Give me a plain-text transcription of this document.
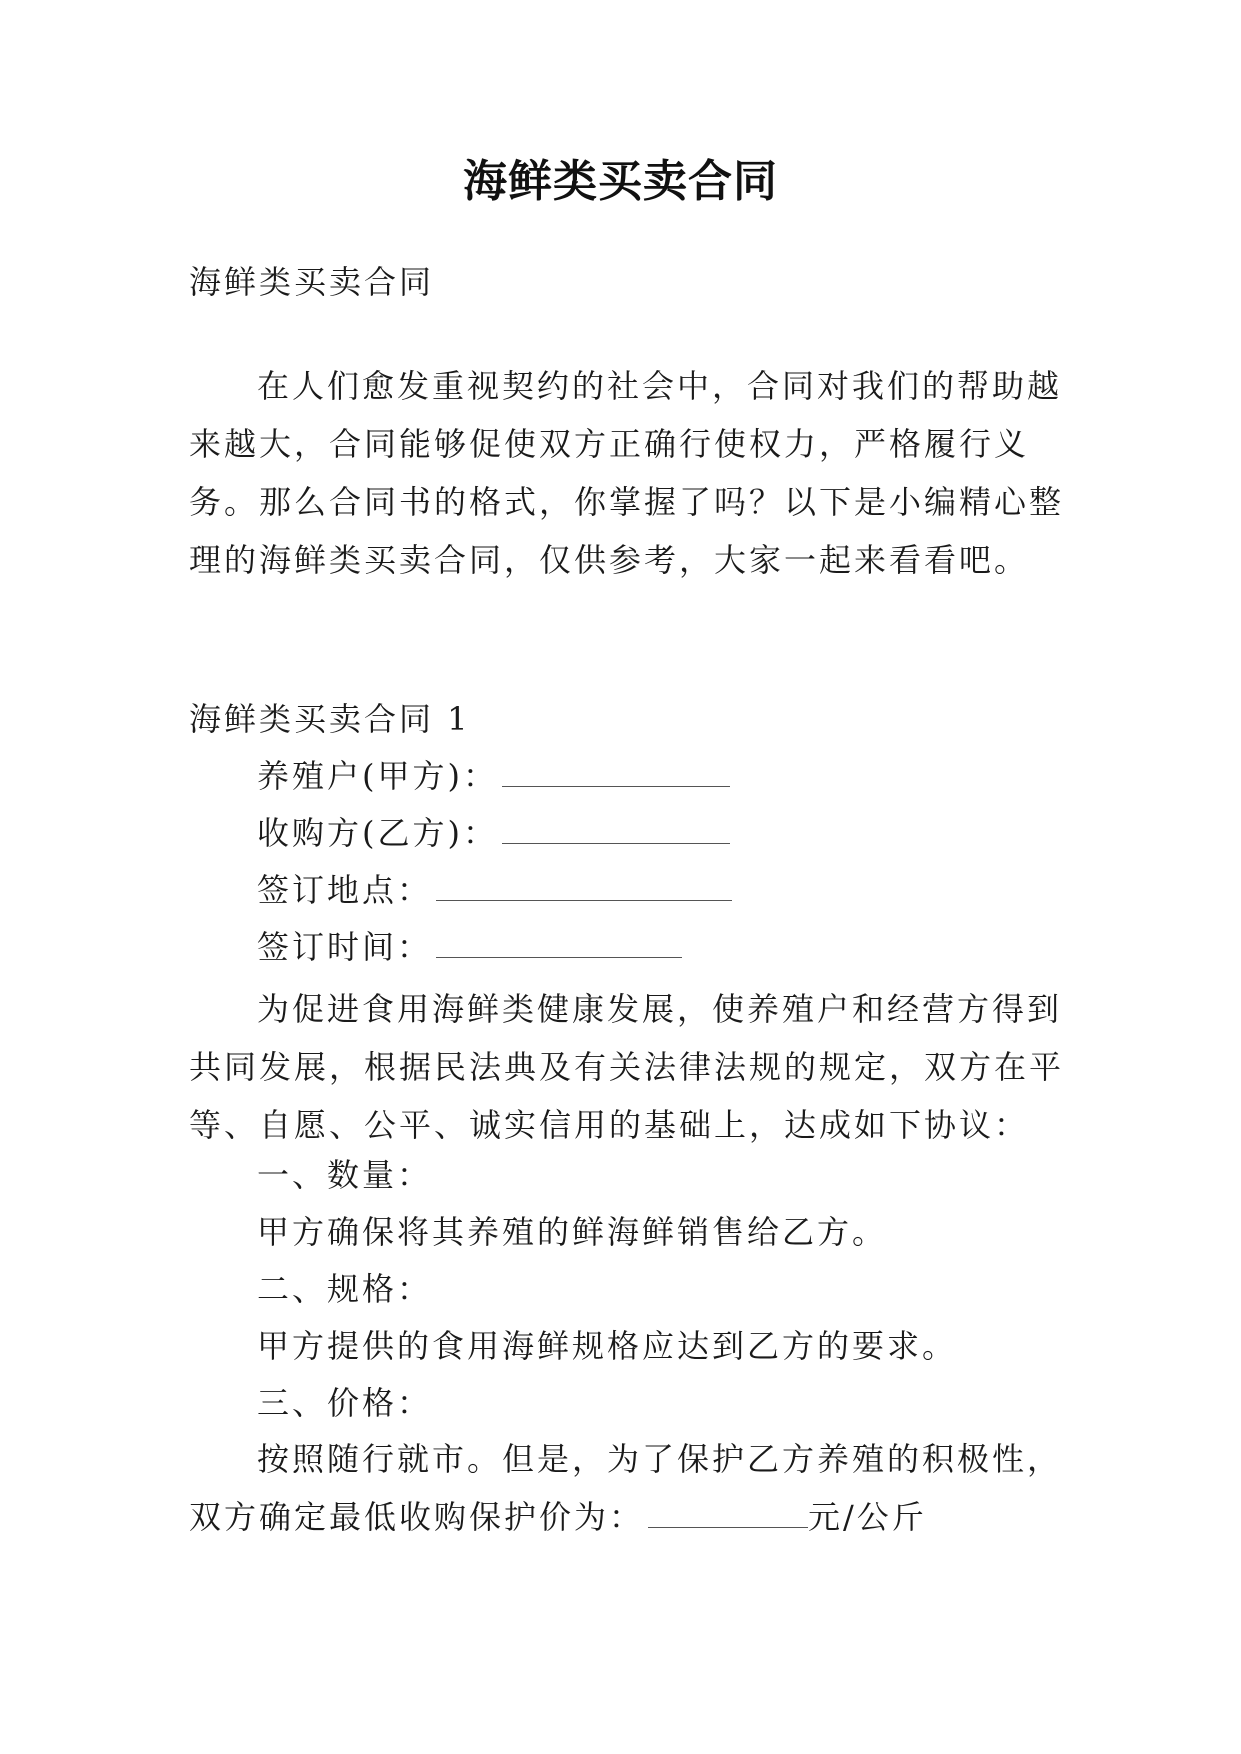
海鲜类买卖合同
海鲜类买卖合同

在人们愈发重视契约的社会中，合同对我们的帮助越来越大，合同能够促使双方正确行使权力，严格履行义务。那么合同书的格式，你掌握了吗？以下是小编精心整理的海鲜类买卖合同，仅供参考，大家一起来看看吧。

海鲜类买卖合同 1
养殖户(甲方)：
收购方(乙方)：
签订地点：
签订时间：

为促进食用海鲜类健康发展，使养殖户和经营方得到共同发展，根据民法典及有关法律法规的规定，双方在平等、自愿、公平、诚实信用的基础上，达成如下协议：

一、数量：
甲方确保将其养殖的鲜海鲜销售给乙方。
二、规格：
甲方提供的食用海鲜规格应达到乙方的要求。
三、价格：

按照随行就市。但是，为了保护乙方养殖的积极性，双方确定最低收购保护价为：	元/公斤
